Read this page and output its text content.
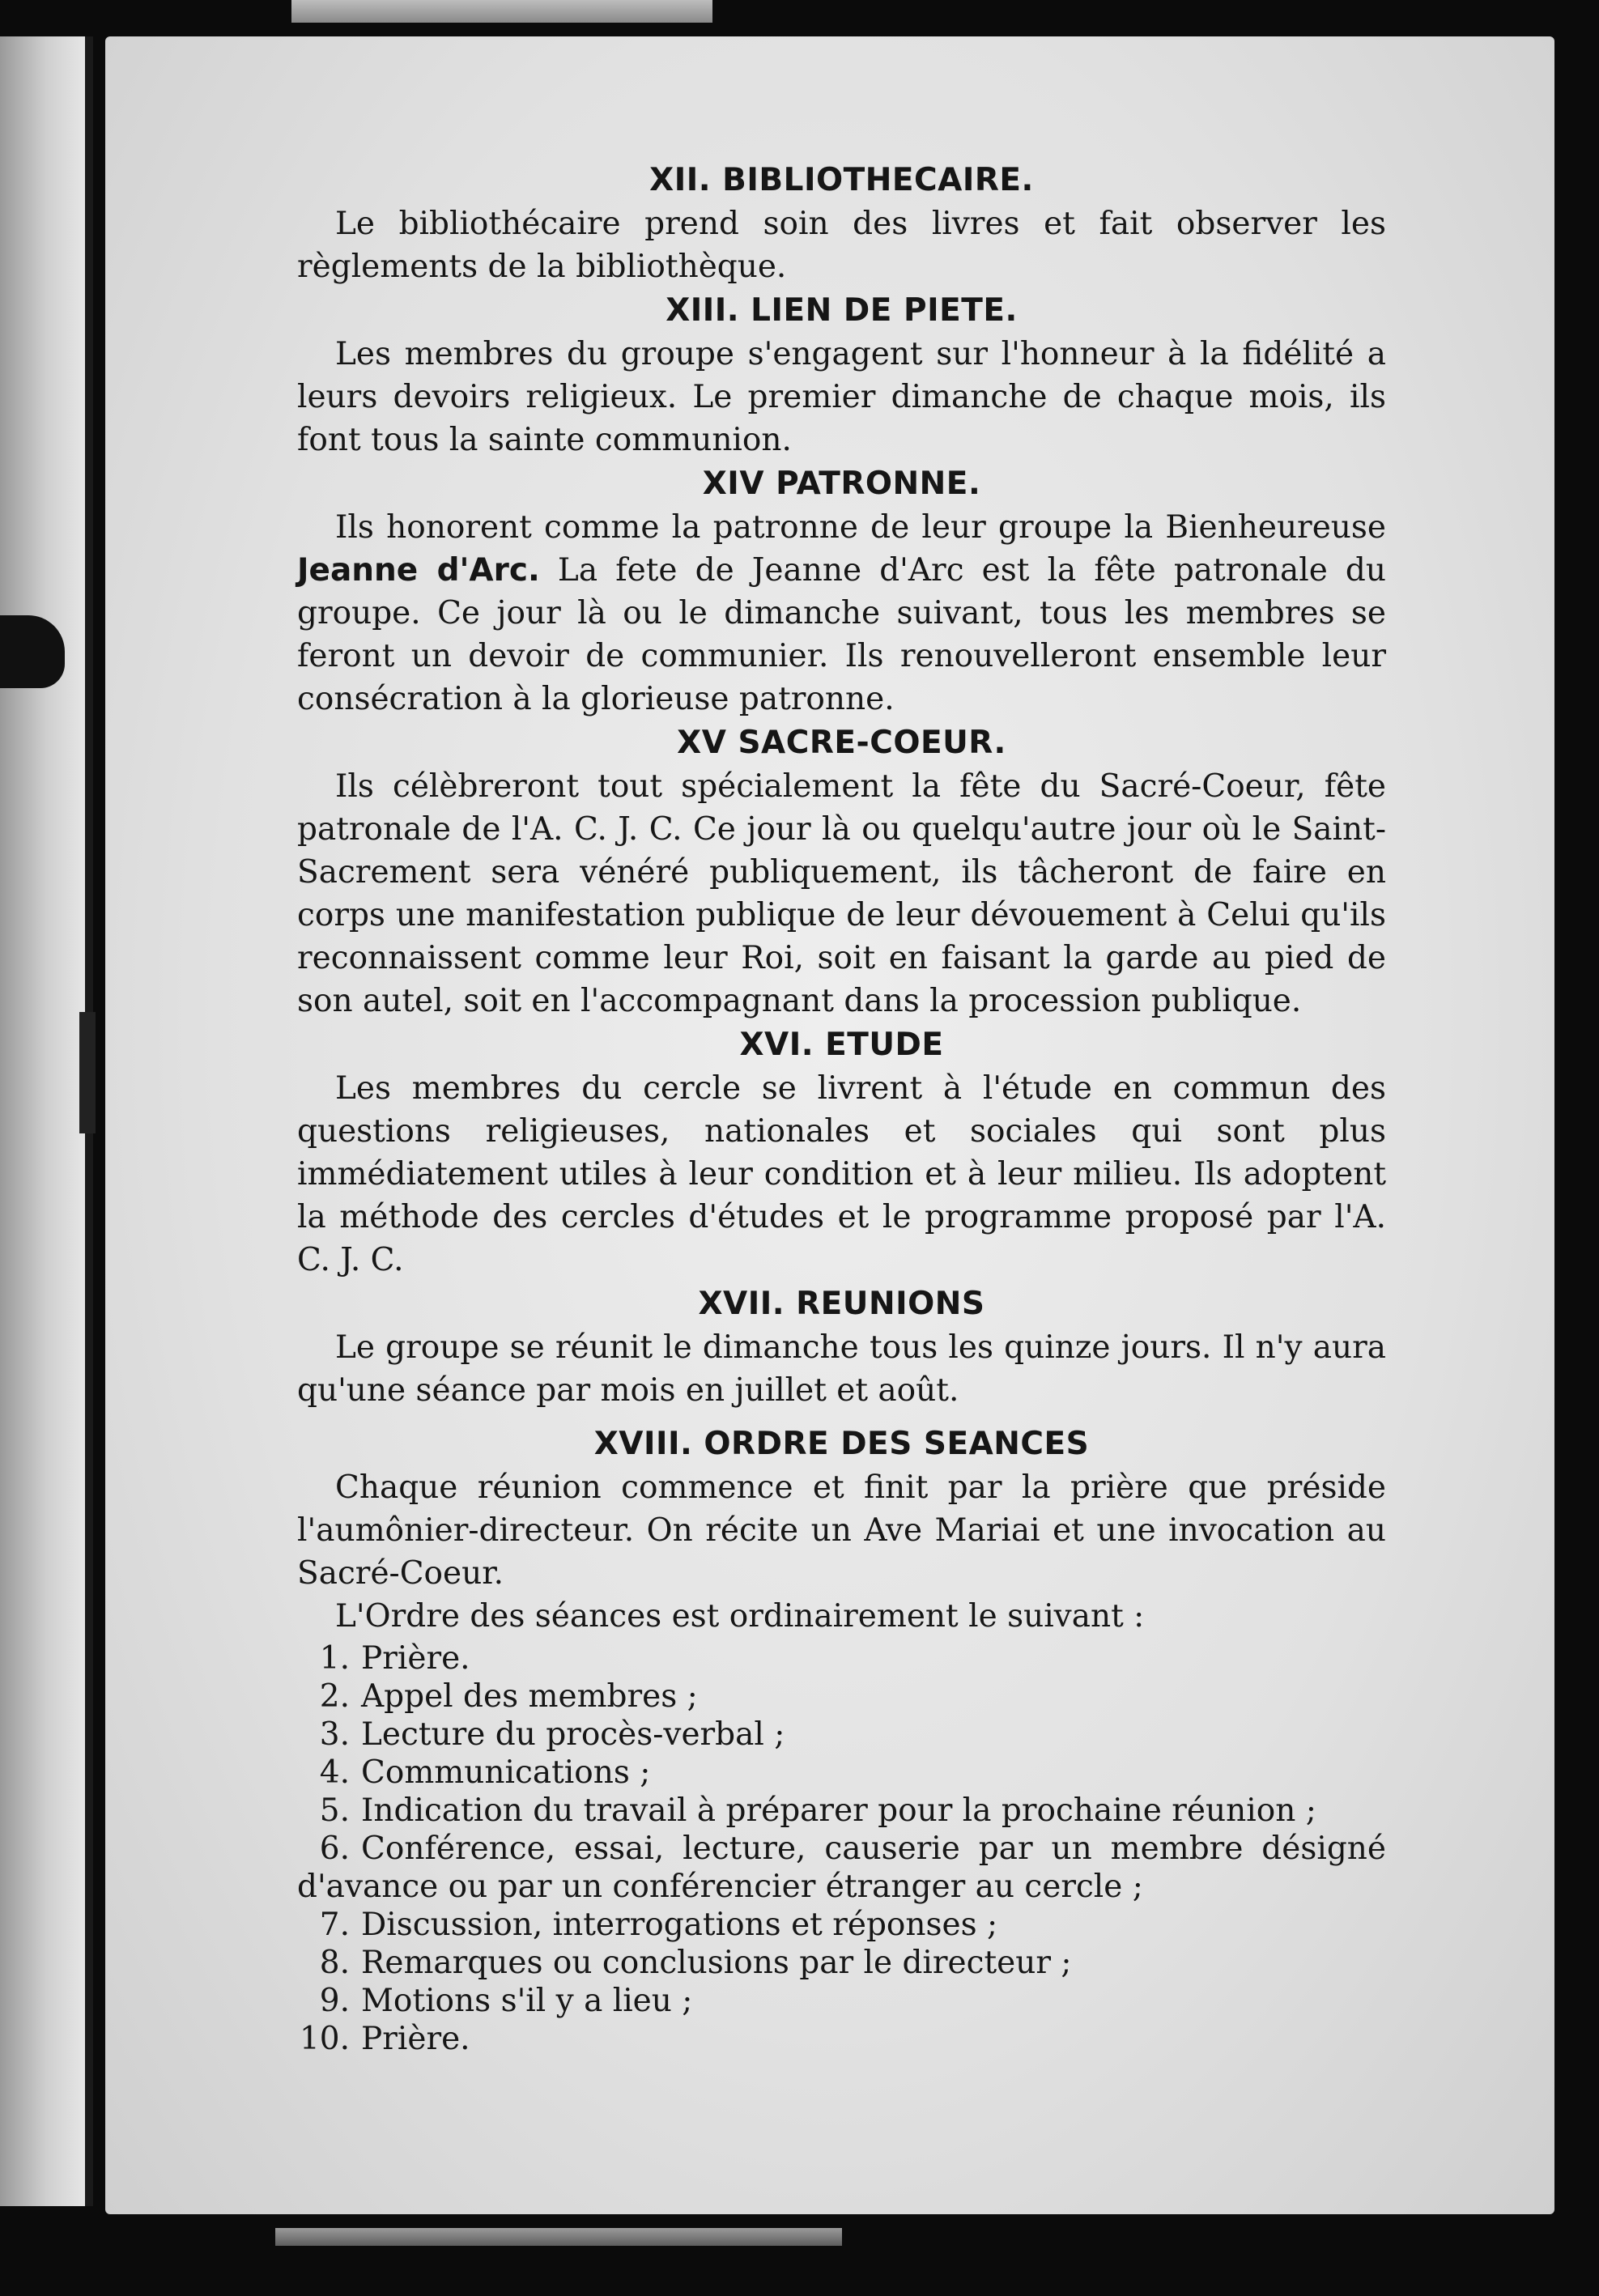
XII. BIBLIOTHECAIRE.

Le bibliothécaire prend soin des livres et fait observer les règlements de la bibliothèque.

XIII. LIEN DE PIETE.

Les membres du groupe s'engagent sur l'honneur à la fidélité a leurs devoirs religieux. Le premier dimanche de chaque mois, ils font tous la sainte communion.

XIV PATRONNE.

Ils honorent comme la patronne de leur groupe la Bienheureuse Jeanne d'Arc. La fete de Jeanne d'Arc est la fête patronale du groupe. Ce jour là ou le dimanche suivant, tous les membres se feront un devoir de communier. Ils renouvelleront ensemble leur consécration à la glorieuse patronne.

XV SACRE-COEUR.

Ils célèbreront tout spécialement la fête du Sacré-Coeur, fête patronale de l'A. C. J. C. Ce jour là ou quelqu'autre jour où le Saint-Sacrement sera vénéré publiquement, ils tâcheront de faire en corps une manifestation publique de leur dévouement à Celui qu'ils reconnaissent comme leur Roi, soit en faisant la garde au pied de son autel, soit en l'accompagnant dans la procession publique.

XVI. ETUDE

Les membres du cercle se livrent à l'étude en commun des questions religieuses, nationales et sociales qui sont plus immédiatement utiles à leur condition et à leur milieu. Ils adoptent la méthode des cercles d'études et le programme proposé par l'A. C. J. C.

XVII. REUNIONS

Le groupe se réunit le dimanche tous les quinze jours. Il n'y aura qu'une séance par mois en juillet et août.

XVIII. ORDRE DES SEANCES

Chaque réunion commence et finit par la prière que préside l'aumônier-directeur. On récite un Ave Mariai et une invocation au Sacré-Coeur.

L'Ordre des séances est ordinairement le suivant :

1. Prière.
2. Appel des membres ;
3. Lecture du procès-verbal ;
4. Communications ;
5. Indication du travail à préparer pour la prochaine réunion ;
6. Conférence, essai, lecture, causerie par un membre désigné d'avance ou par un conférencier étranger au cercle ;
7. Discussion, interrogations et réponses ;
8. Remarques ou conclusions par le directeur ;
9. Motions s'il y a lieu ;
10. Prière.
